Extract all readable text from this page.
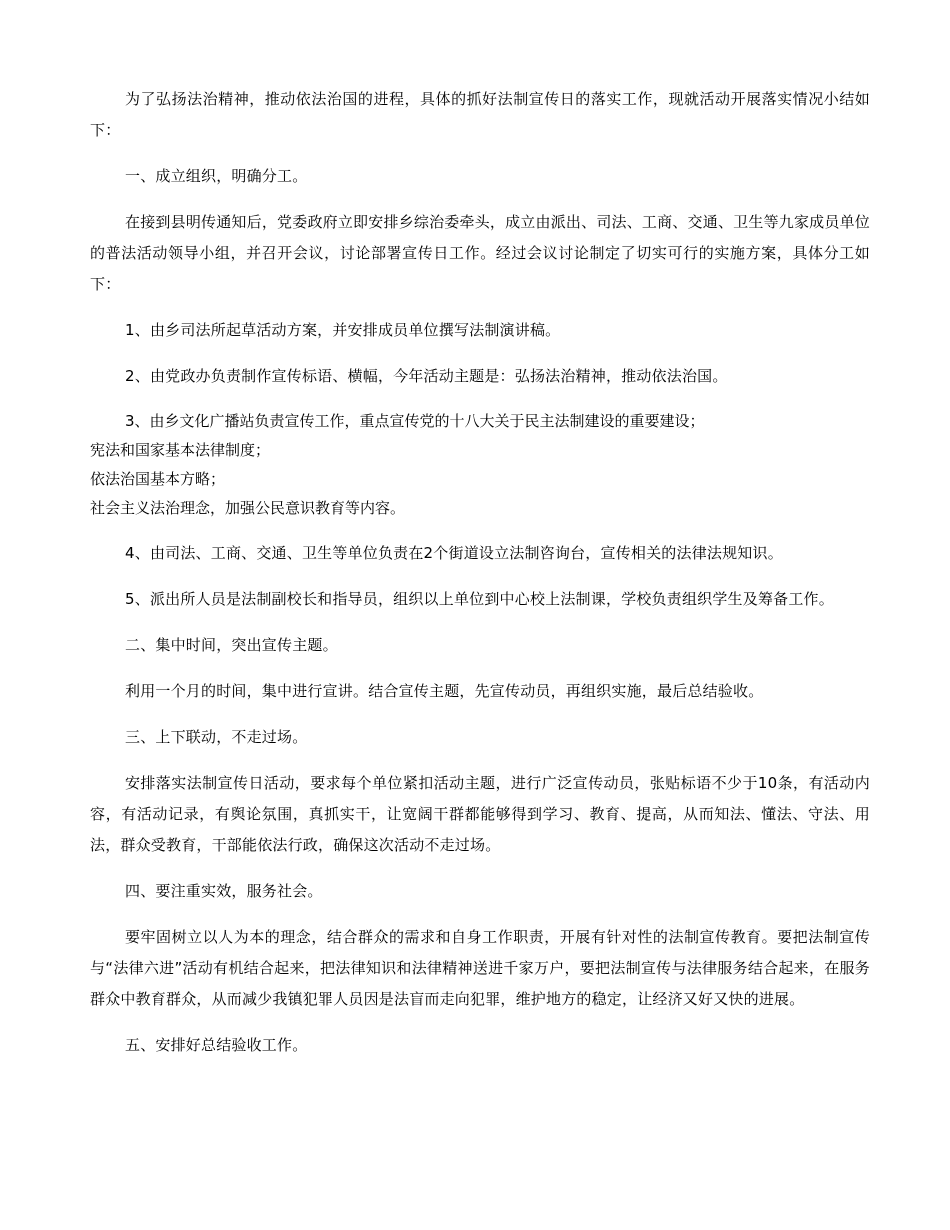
为了弘扬法治精神，推动依法治国的进程，具体的抓好法制宣传日的落实工作，现就活动开展落实情况小结如下：

一、成立组织，明确分工。

在接到县明传通知后，党委政府立即安排乡综治委牵头，成立由派出、司法、工商、交通、卫生等九家成员单位的普法活动领导小组，并召开会议，讨论部署宣传日工作。经过会议讨论制定了切实可行的实施方案，具体分工如下：

1、由乡司法所起草活动方案，并安排成员单位撰写法制演讲稿。

2、由党政办负责制作宣传标语、横幅，今年活动主题是：弘扬法治精神，推动依法治国。

3、由乡文化广播站负责宣传工作，重点宣传党的十八大关于民主法制建设的重要建设；
宪法和国家基本法律制度；
依法治国基本方略；
社会主义法治理念，加强公民意识教育等内容。

4、由司法、工商、交通、卫生等单位负责在2个街道设立法制咨询台，宣传相关的法律法规知识。

5、派出所人员是法制副校长和指导员，组织以上单位到中心校上法制课，学校负责组织学生及筹备工作。

二、集中时间，突出宣传主题。

利用一个月的时间，集中进行宣讲。结合宣传主题，先宣传动员，再组织实施，最后总结验收。

三、上下联动，不走过场。

安排落实法制宣传日活动，要求每个单位紧扣活动主题，进行广泛宣传动员，张贴标语不少于10条，有活动内容，有活动记录，有舆论氛围，真抓实干，让宽阔干群都能够得到学习、教育、提高，从而知法、懂法、守法、用法，群众受教育，干部能依法行政，确保这次活动不走过场。

四、要注重实效，服务社会。

要牢固树立以人为本的理念，结合群众的需求和自身工作职责，开展有针对性的法制宣传教育。要把法制宣传与“法律六进”活动有机结合起来，把法律知识和法律精神送进千家万户，要把法制宣传与法律服务结合起来，在服务群众中教育群众，从而减少我镇犯罪人员因是法盲而走向犯罪，维护地方的稳定，让经济又好又快的进展。

五、安排好总结验收工作。
